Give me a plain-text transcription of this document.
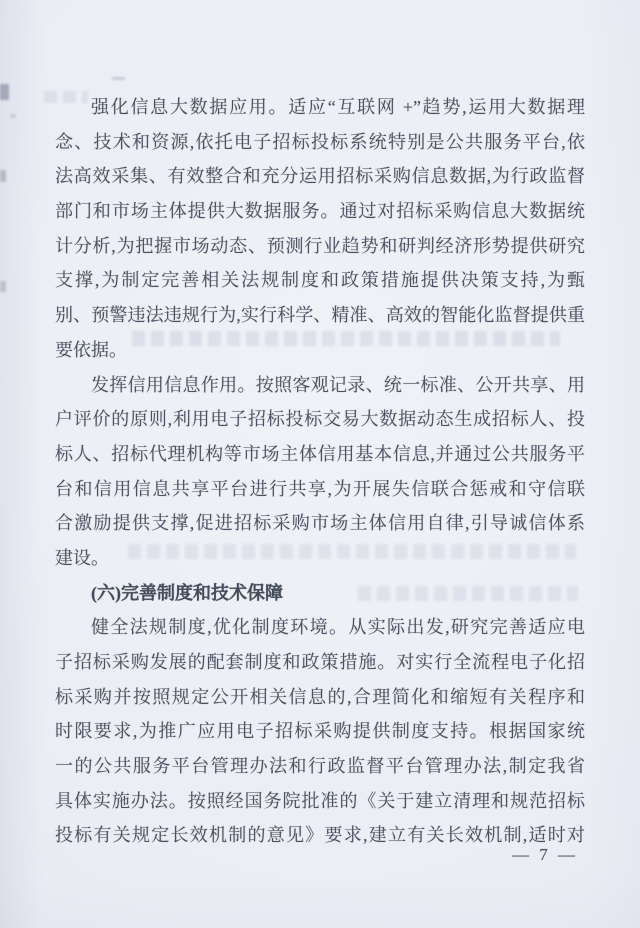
强化信息大数据应用。适应“互联网 +”趋势,运用大数据理
念、技术和资源,依托电子招标投标系统特别是公共服务平台,依
法高效采集、有效整合和充分运用招标采购信息数据,为行政监督
部门和市场主体提供大数据服务。通过对招标采购信息大数据统
计分析,为把握市场动态、预测行业趋势和研判经济形势提供研究
支撑,为制定完善相关法规制度和政策措施提供决策支持,为甄
别、预警违法违规行为,实行科学、精准、高效的智能化监督提供重
要依据。
发挥信用信息作用。按照客观记录、统一标准、公开共享、用
户评价的原则,利用电子招标投标交易大数据动态生成招标人、投
标人、招标代理机构等市场主体信用基本信息,并通过公共服务平
台和信用信息共享平台进行共享,为开展失信联合惩戒和守信联
合激励提供支撑,促进招标采购市场主体信用自律,引导诚信体系
建设。
(六)完善制度和技术保障
健全法规制度,优化制度环境。从实际出发,研究完善适应电
子招标采购发展的配套制度和政策措施。对实行全流程电子化招
标采购并按照规定公开相关信息的,合理简化和缩短有关程序和
时限要求,为推广应用电子招标采购提供制度支持。根据国家统
一的公共服务平台管理办法和行政监督平台管理办法,制定我省
具体实施办法。按照经国务院批准的《关于建立清理和规范招标
投标有关规定长效机制的意见》要求,建立有关长效机制,适时对
— 7 —
